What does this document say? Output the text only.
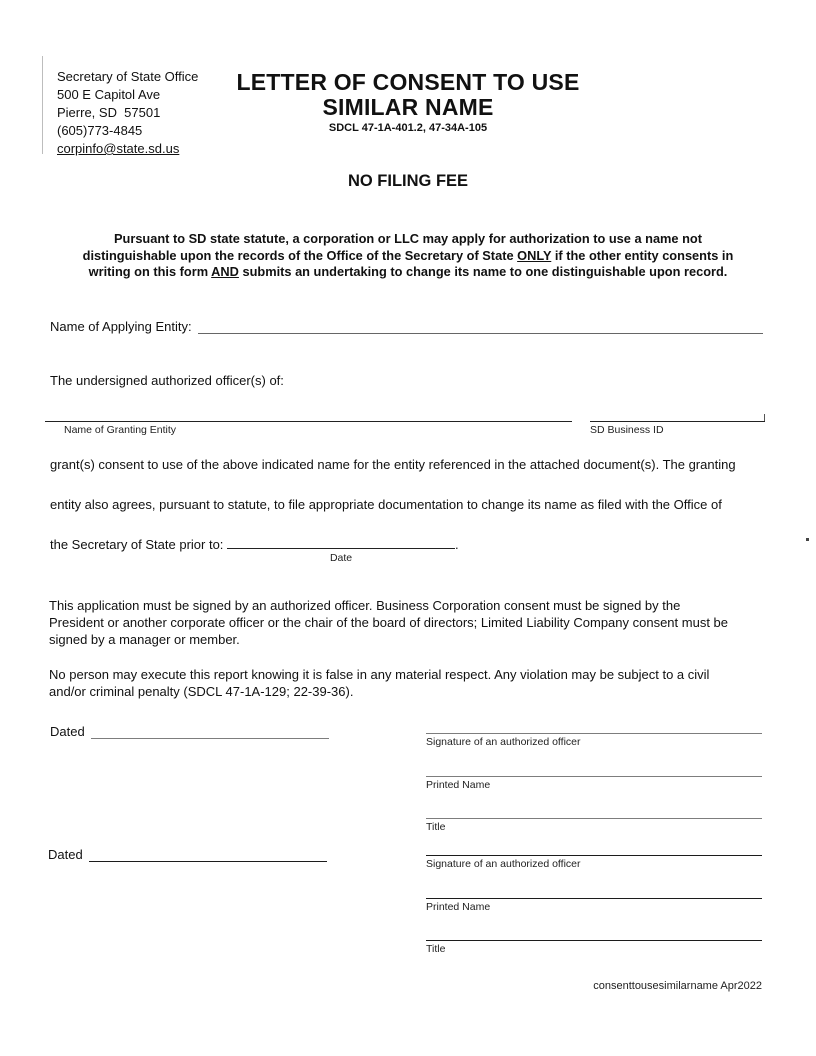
Secretary of State Office
500 E Capitol Ave
Pierre, SD  57501
(605)773-4845
corpinfo@state.sd.us
LETTER OF CONSENT TO USE
SIMILAR NAME
SDCL 47-1A-401.2, 47-34A-105
NO FILING FEE
Pursuant to SD state statute, a corporation or LLC may apply for authorization to use a name not
distinguishable upon the records of the Office of the Secretary of State ONLY if the other entity consents in
writing on this form AND submits an undertaking to change its name to one distinguishable upon record.
Name of Applying Entity:
The undersigned authorized officer(s) of:
Name of Granting Entity	SD Business ID
grant(s) consent to use of the above indicated name for the entity referenced in the attached document(s). The granting
entity also agrees, pursuant to statute, to file appropriate documentation to change its name as filed with the Office of
the Secretary of State prior to:
Date
.
This application must be signed by an authorized officer. Business Corporation consent must be signed by the
President or another corporate officer or the chair of the board of directors; Limited Liability Company consent must be
signed by a manager or member.
No person may execute this report knowing it is false in any material respect. Any violation may be subject to a civil
and/or criminal penalty (SDCL 47-1A-129; 22-39-36).
Dated
Signature of an authorized officer
Printed Name
Title
Dated
Signature of an authorized officer
Printed Name
Title
consenttousesimilarname Apr2022
